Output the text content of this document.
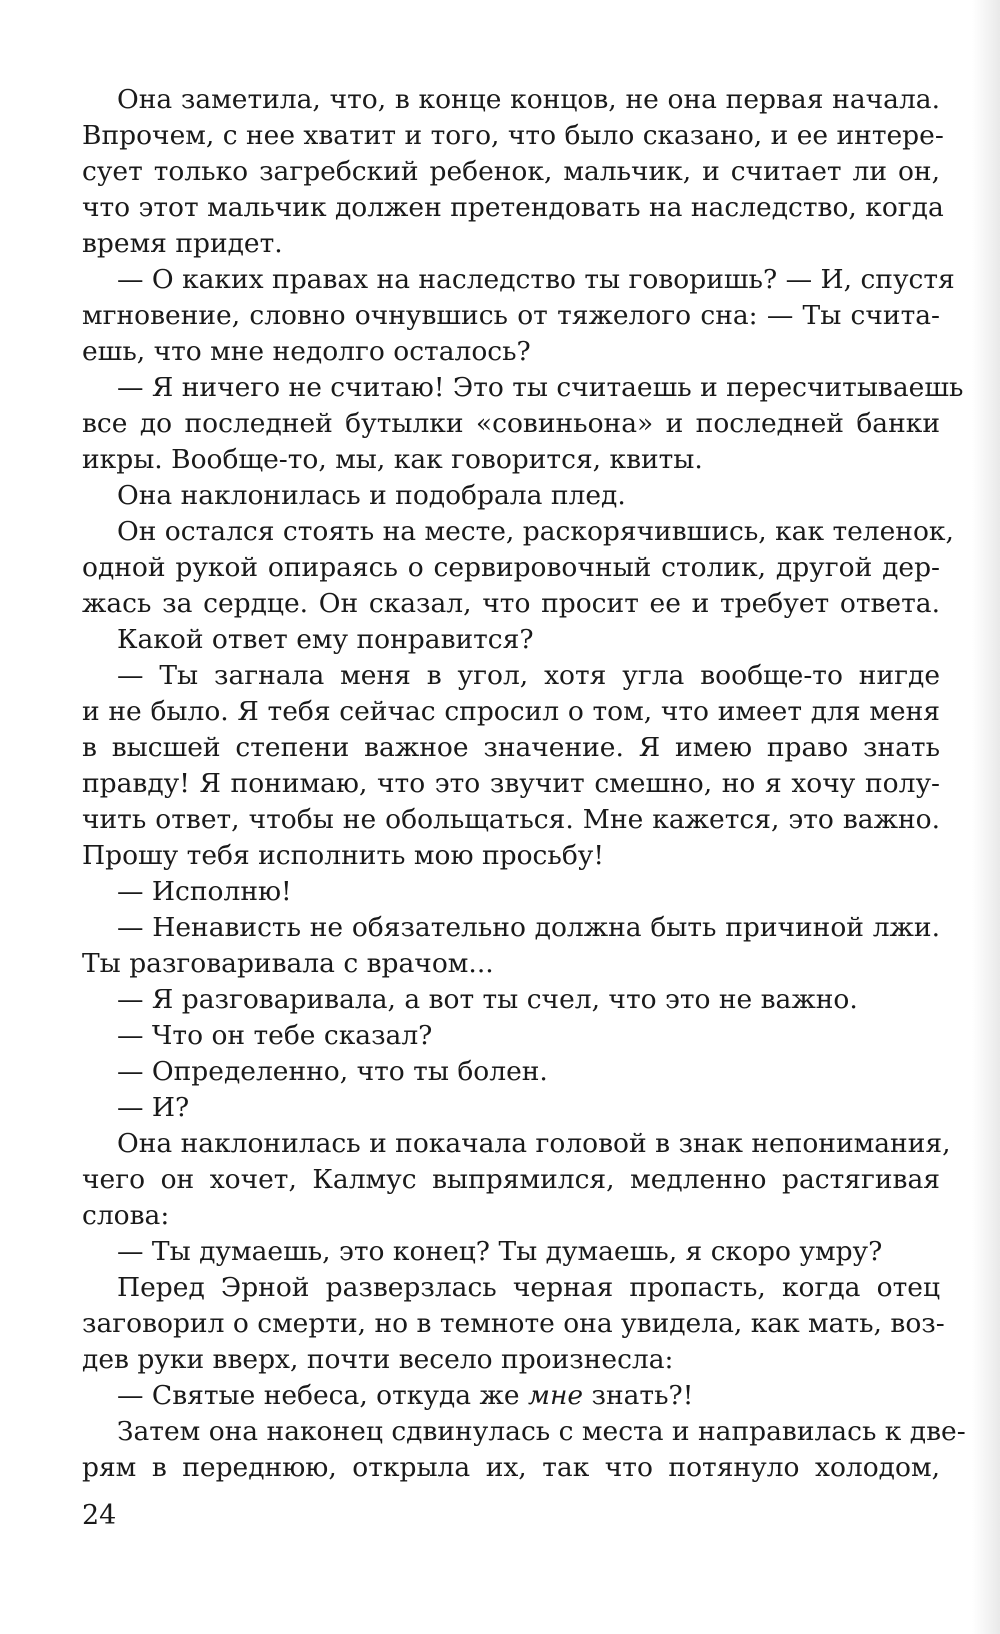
Она заметила, что, в конце концов, не она первая начала.
Впрочем, с нее хватит и того, что было сказано, и ее интере-
сует только загребский ребенок, мальчик, и считает ли он,
что этот мальчик должен претендовать на наследство, когда
время придет.
— О каких правах на наследство ты говоришь? — И, спустя
мгновение, словно очнувшись от тяжелого сна: — Ты счита-
ешь, что мне недолго осталось?
— Я ничего не считаю! Это ты считаешь и пересчитываешь
все до последней бутылки «совиньона» и последней банки
икры. Вообще-то, мы, как говорится, квиты.
Она наклонилась и подобрала плед.
Он остался стоять на месте, раскорячившись, как теленок,
одной рукой опираясь о сервировочный столик, другой дер-
жась за сердце. Он сказал, что просит ее и требует ответа.
Какой ответ ему понравится?
— Ты загнала меня в угол, хотя угла вообще-то нигде
и не было. Я тебя сейчас спросил о том, что имеет для меня
в высшей степени важное значение. Я имею право знать
правду! Я понимаю, что это звучит смешно, но я хочу полу-
чить ответ, чтобы не обольщаться. Мне кажется, это важно.
Прошу тебя исполнить мою просьбу!
— Исполню!
— Ненависть не обязательно должна быть причиной лжи.
Ты разговаривала с врачом...
— Я разговаривала, а вот ты счел, что это не важно.
— Что он тебе сказал?
— Определенно, что ты болен.
— И?
Она наклонилась и покачала головой в знак непонимания,
чего он хочет, Калмус выпрямился, медленно растягивая
слова:
— Ты думаешь, это конец? Ты думаешь, я скоро умру?
Перед Эрной разверзлась черная пропасть, когда отец
заговорил о смерти, но в темноте она увидела, как мать, воз-
дев руки вверх, почти весело произнесла:
— Святые небеса, откуда же мне знать?!
Затем она наконец сдвинулась с места и направилась к две-
рям в переднюю, открыла их, так что потянуло холодом,
24
